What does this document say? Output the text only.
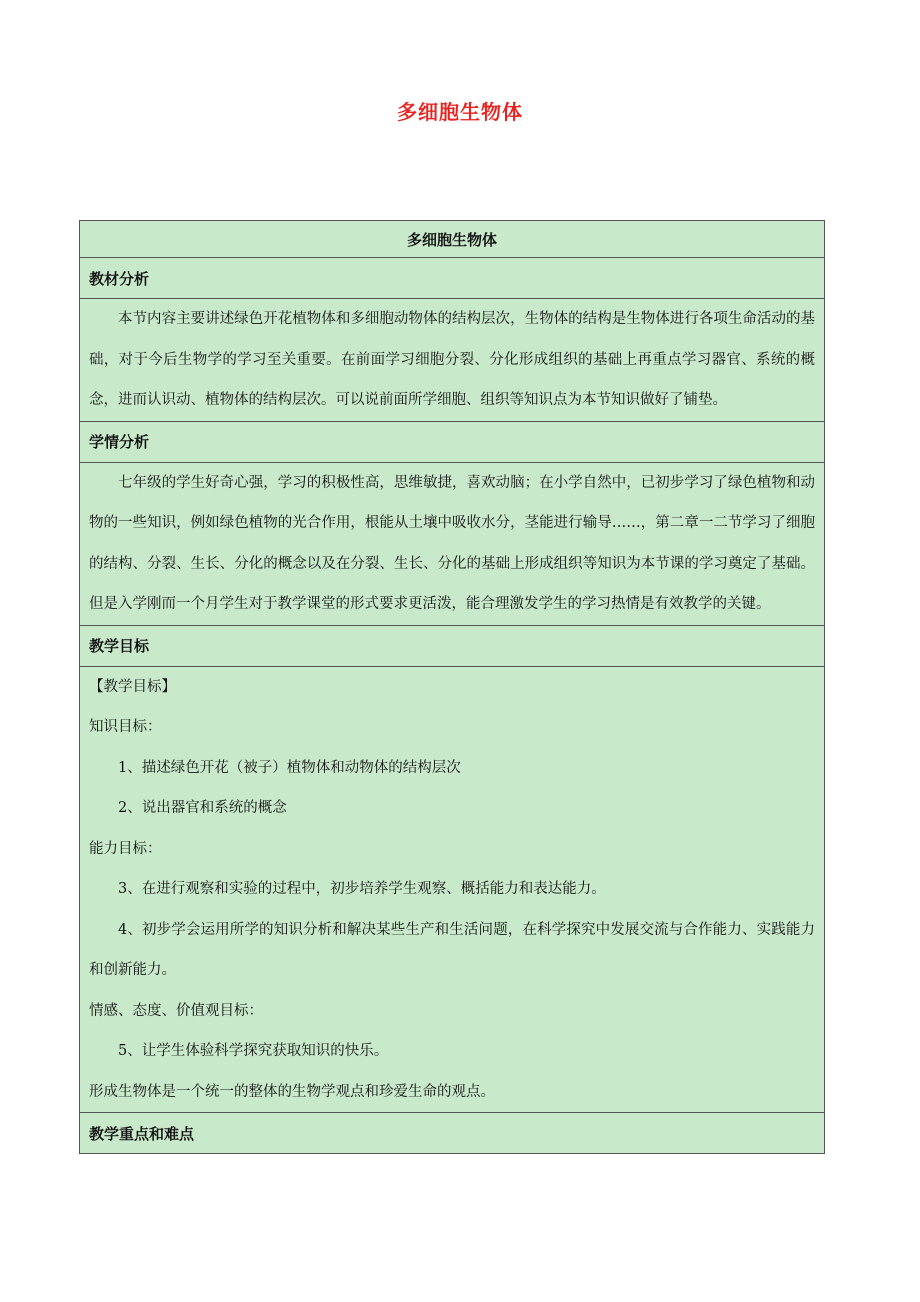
多细胞生物体
多细胞生物体
教材分析

本节内容主要讲述绿色开花植物体和多细胞动物体的结构层次，生物体的结构是生物体进行各项生命活动的基础，对于今后生物学的学习至关重要。在前面学习细胞分裂、分化形成组织的基础上再重点学习器官、系统的概念，进而认识动、植物体的结构层次。可以说前面所学细胞、组织等知识点为本节知识做好了铺垫。

学情分析

七年级的学生好奇心强，学习的积极性高，思维敏捷，喜欢动脑；在小学自然中，已初步学习了绿色植物和动物的一些知识，例如绿色植物的光合作用，根能从土壤中吸收水分，茎能进行输导……，第二章一二节学习了细胞的结构、分裂、生长、分化的概念以及在分裂、生长、分化的基础上形成组织等知识为本节课的学习奠定了基础。但是入学刚而一个月学生对于教学课堂的形式要求更活泼，能合理激发学生的学习热情是有效教学的关键。

教学目标

【教学目标】

知识目标：

1、描述绿色开花（被子）植物体和动物体的结构层次

2、说出器官和系统的概念

能力目标：

3、在进行观察和实验的过程中，初步培养学生观察、概括能力和表达能力。

4、初步学会运用所学的知识分析和解决某些生产和生活问题，在科学探究中发展交流与合作能力、实践能力和创新能力。

情感、态度、价值观目标：

5、让学生体验科学探究获取知识的快乐。

形成生物体是一个统一的整体的生物学观点和珍爱生命的观点。

教学重点和难点
